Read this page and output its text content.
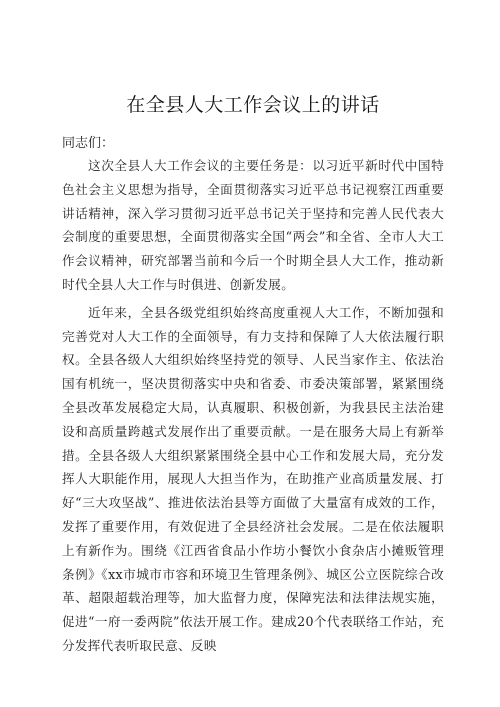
在全县人大工作会议上的讲话

同志们：

这次全县人大工作会议的主要任务是：以习近平新时代中国特色社会主义思想为指导，全面贯彻落实习近平总书记视察江西重要讲话精神，深入学习贯彻习近平总书记关于坚持和完善人民代表大会制度的重要思想，全面贯彻落实全国“两会”和全省、全市人大工作会议精神，研究部署当前和今后一个时期全县人大工作，推动新时代全县人大工作与时俱进、创新发展。

近年来，全县各级党组织始终高度重视人大工作，不断加强和完善党对人大工作的全面领导，有力支持和保障了人大依法履行职权。全县各级人大组织始终坚持党的领导、人民当家作主、依法治国有机统一，坚决贯彻落实中央和省委、市委决策部署，紧紧围绕全县改革发展稳定大局，认真履职、积极创新，为我县民主法治建设和高质量跨越式发展作出了重要贡献。一是在服务大局上有新举措。全县各级人大组织紧紧围绕全县中心工作和发展大局，充分发挥人大职能作用，展现人大担当作为，在助推产业高质量发展、打好“三大攻坚战”、推进依法治县等方面做了大量富有成效的工作，发挥了重要作用，有效促进了全县经济社会发展。二是在依法履职上有新作为。围绕《江西省食品小作坊小餐饮小食杂店小摊贩管理条例》《xx市城市市容和环境卫生管理条例》、城区公立医院综合改革、超限超载治理等，加大监督力度，保障宪法和法律法规实施，促进“一府一委两院”依法开展工作。建成20个代表联络工作站，充分发挥代表听取民意、反映
